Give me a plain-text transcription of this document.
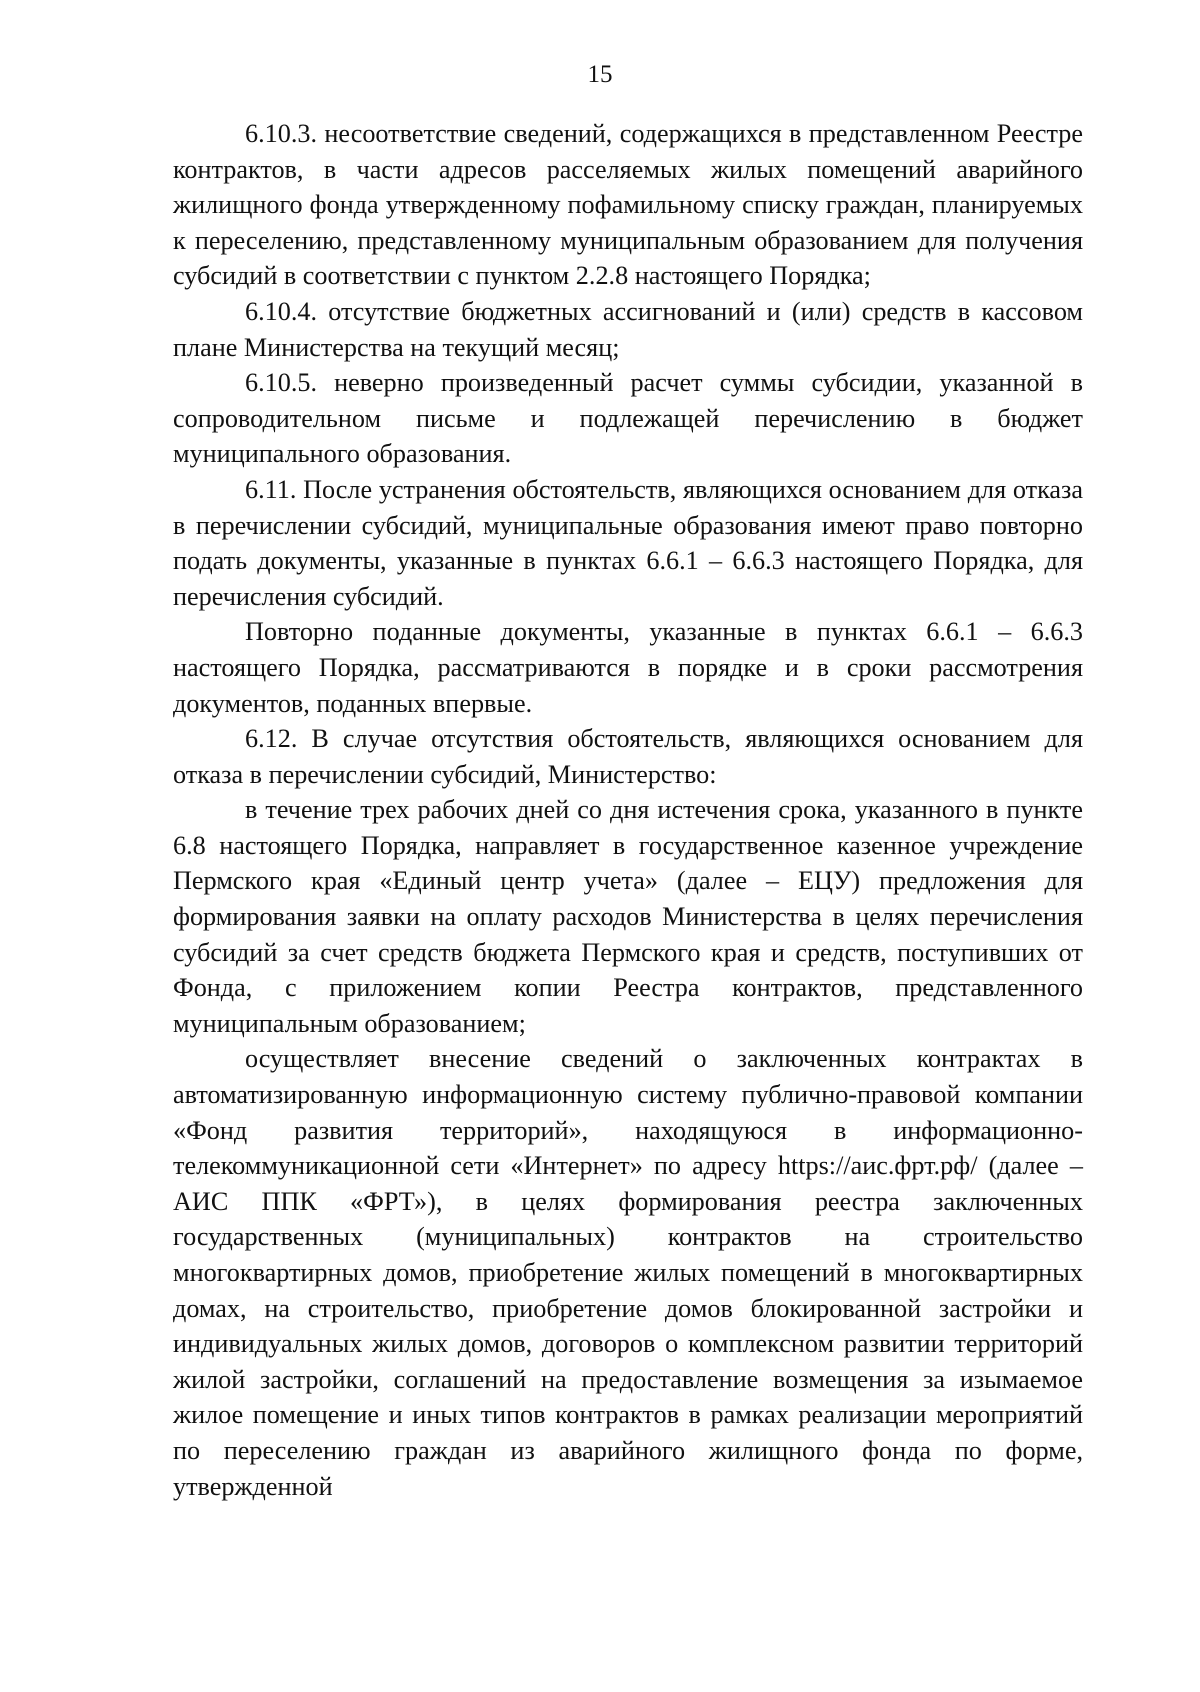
15

6.10.3. несоответствие сведений, содержащихся в представленном Реестре контрактов, в части адресов расселяемых жилых помещений аварийного жилищного фонда утвержденному пофамильному списку граждан, планируемых к переселению, представленному муниципальным образованием для получения субсидий в соответствии с пунктом 2.2.8 настоящего Порядка;

6.10.4. отсутствие бюджетных ассигнований и (или) средств в кассовом плане Министерства на текущий месяц;

6.10.5. неверно произведенный расчет суммы субсидии, указанной в сопроводительном письме и подлежащей перечислению в бюджет муниципального образования.

6.11. После устранения обстоятельств, являющихся основанием для отказа в перечислении субсидий, муниципальные образования имеют право повторно подать документы, указанные в пунктах 6.6.1 – 6.6.3 настоящего Порядка, для перечисления субсидий.

Повторно поданные документы, указанные в пунктах 6.6.1 – 6.6.3 настоящего Порядка, рассматриваются в порядке и в сроки рассмотрения документов, поданных впервые.

6.12. В случае отсутствия обстоятельств, являющихся основанием для отказа в перечислении субсидий, Министерство:

в течение трех рабочих дней со дня истечения срока, указанного в пункте 6.8 настоящего Порядка, направляет в государственное казенное учреждение Пермского края «Единый центр учета» (далее – ЕЦУ) предложения для формирования заявки на оплату расходов Министерства в целях перечисления субсидий за счет средств бюджета Пермского края и средств, поступивших от Фонда, с приложением копии Реестра контрактов, представленного муниципальным образованием;

осуществляет внесение сведений о заключенных контрактах в автоматизированную информационную систему публично-правовой компании «Фонд развития территорий», находящуюся в информационно-телекоммуникационной сети «Интернет» по адресу https://аис.фрт.рф/ (далее – АИС ППК «ФРТ»), в целях формирования реестра заключенных государственных (муниципальных) контрактов на строительство многоквартирных домов, приобретение жилых помещений в многоквартирных домах, на строительство, приобретение домов блокированной застройки и индивидуальных жилых домов, договоров о комплексном развитии территорий жилой застройки, соглашений на предоставление возмещения за изымаемое жилое помещение и иных типов контрактов в рамках реализации мероприятий по переселению граждан из аварийного жилищного фонда по форме, утвержденной
